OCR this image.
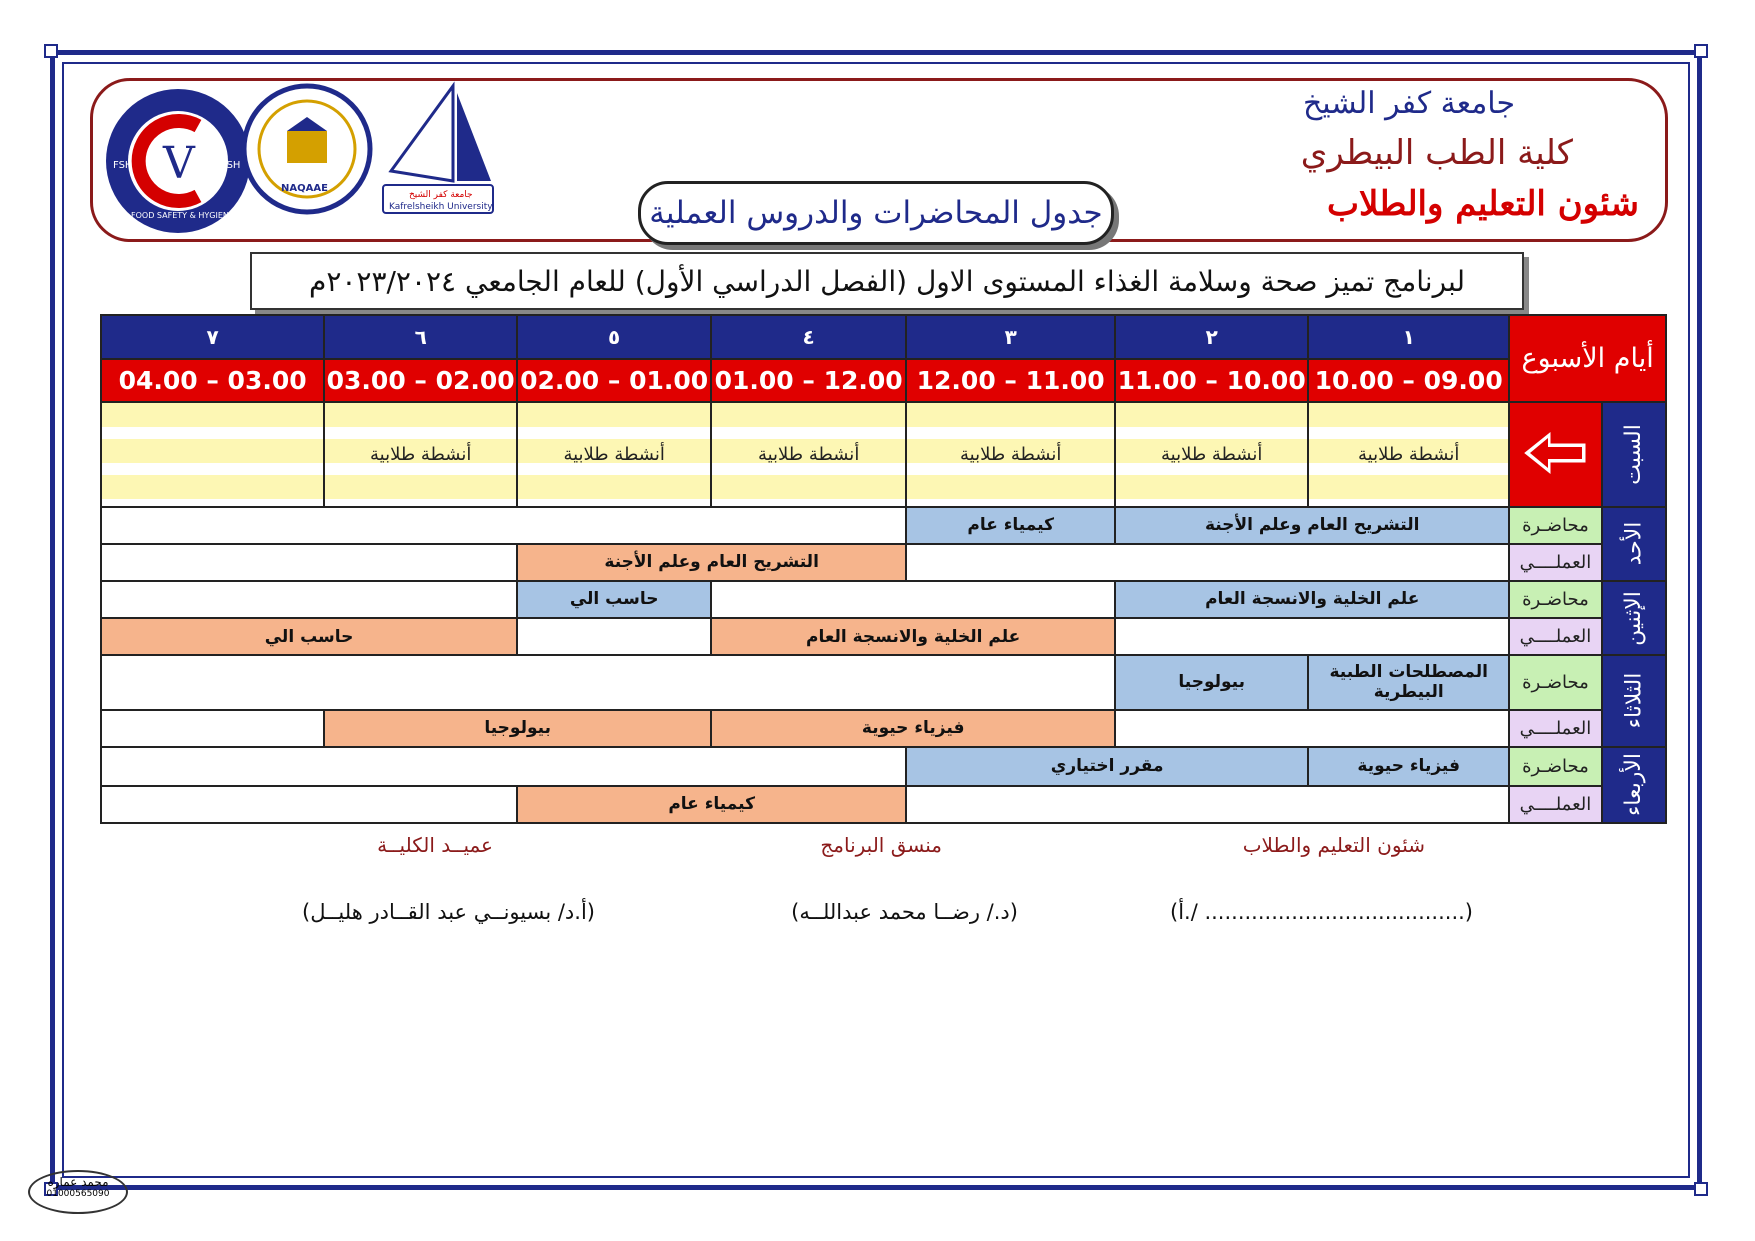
جامعة كفر الشيخ
كلية الطب البيطري
شئون التعليم والطلاب
V
FSH	FSH
FOOD SAFETY & HYGIENE
NAQAAE
جامعة كفر الشيخ
Kafrelsheikh University	جدول المحاضرات والدروس العملية
لبرنامج تميز صحة وسلامة الغذاء المستوى الاول (الفصل الدراسي الأول) للعام الجامعي ٢٠٢٣/٢٠٢٤م
أيام الأسبوع		١	٢	٣	٤	٥	٦	٧
		10.00 – 09.00	11.00 – 10.00	12.00 – 11.00	01.00 – 12.00	02.00 – 01.00	03.00 – 02.00	04.00 – 03.00
السبت		أنشطة طلابية	أنشطة طلابية	أنشطة طلابية	أنشطة طلابية	أنشطة طلابية	أنشطة طلابية	
الأحد	محاضـرة	التشريح العام وعلم الأجنة		كيمياء عام				
	العملــــي				التشريح العام وعلم الأجنة			
الإثنين	محاضـرة	علم الخلية والانسجة العام				حاسب الي		
	العملــــي			علم الخلية والانسجة العام			حاسب الي	
الثلاثاء	محاضـرة	المصطلحات الطبية البيطرية	بيولوجيا					
	العملــــي			فيزياء حيوية		بيولوجيا		
الأربعاء	محاضـرة	فيزياء حيوية	مقرر اختياري					
	العملــــي				كيمياء عام			
شئون التعليم والطلاب
منسق البرنامج
عميــد الكليــة
(أ./ .......................................)
(د./ رضــا محمد عبداللــه)
(أ.د/ بسيونــي عبد القــادر هليــل)
محمد عماره
01000565090
